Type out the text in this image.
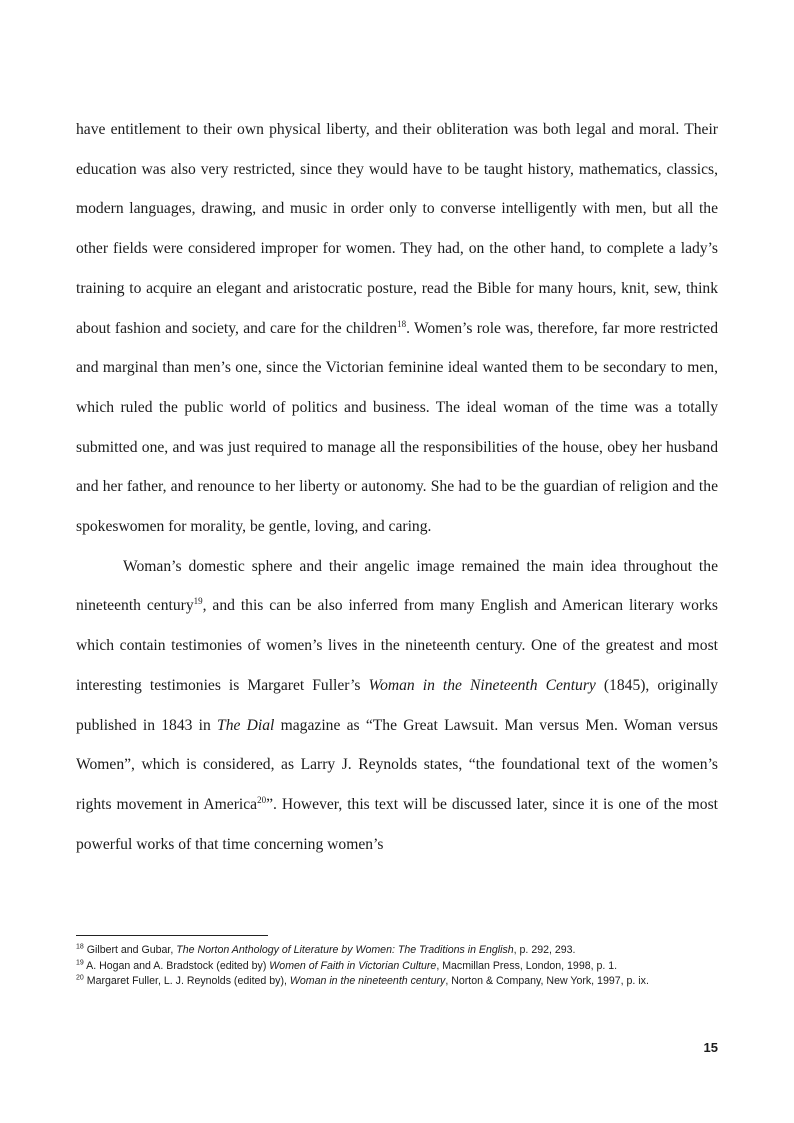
have entitlement to their own physical liberty, and their obliteration was both legal and moral. Their education was also very restricted, since they would have to be taught history, mathematics, classics, modern languages, drawing, and music in order only to converse intelligently with men, but all the other fields were considered improper for women. They had, on the other hand, to complete a lady’s training to acquire an elegant and aristocratic posture, read the Bible for many hours, knit, sew, think about fashion and society, and care for the children$^{18}$. Women’s role was, therefore, far more restricted and marginal than men’s one, since the Victorian feminine ideal wanted them to be secondary to men, which ruled the public world of politics and business. The ideal woman of the time was a totally submitted one, and was just required to manage all the responsibilities of the house, obey her husband and her father, and renounce to her liberty or autonomy. She had to be the guardian of religion and the spokeswomen for morality, be gentle, loving, and caring.

Woman’s domestic sphere and their angelic image remained the main idea throughout the nineteenth century$^{19}$, and this can be also inferred from many English and American literary works which contain testimonies of women’s lives in the nineteenth century. One of the greatest and most interesting testimonies is Margaret Fuller’s Woman in the Nineteenth Century (1845), originally published in 1843 in The Dial magazine as “The Great Lawsuit. Man versus Men. Woman versus Women”, which is considered, as Larry J. Reynolds states, “the foundational text of the women’s rights movement in America$^{20}$”. However, this text will be discussed later, since it is one of the most powerful works of that time concerning women’s

$^{18}$ Gilbert and Gubar, The Norton Anthology of Literature by Women: The Traditions in English, p. 292, 293.

$^{19}$ A. Hogan and A. Bradstock (edited by) Women of Faith in Victorian Culture, Macmillan Press, London, 1998, p. 1.

$^{20}$ Margaret Fuller, L. J. Reynolds (edited by), Woman in the nineteenth century, Norton & Company, New York, 1997, p. ix.

15
